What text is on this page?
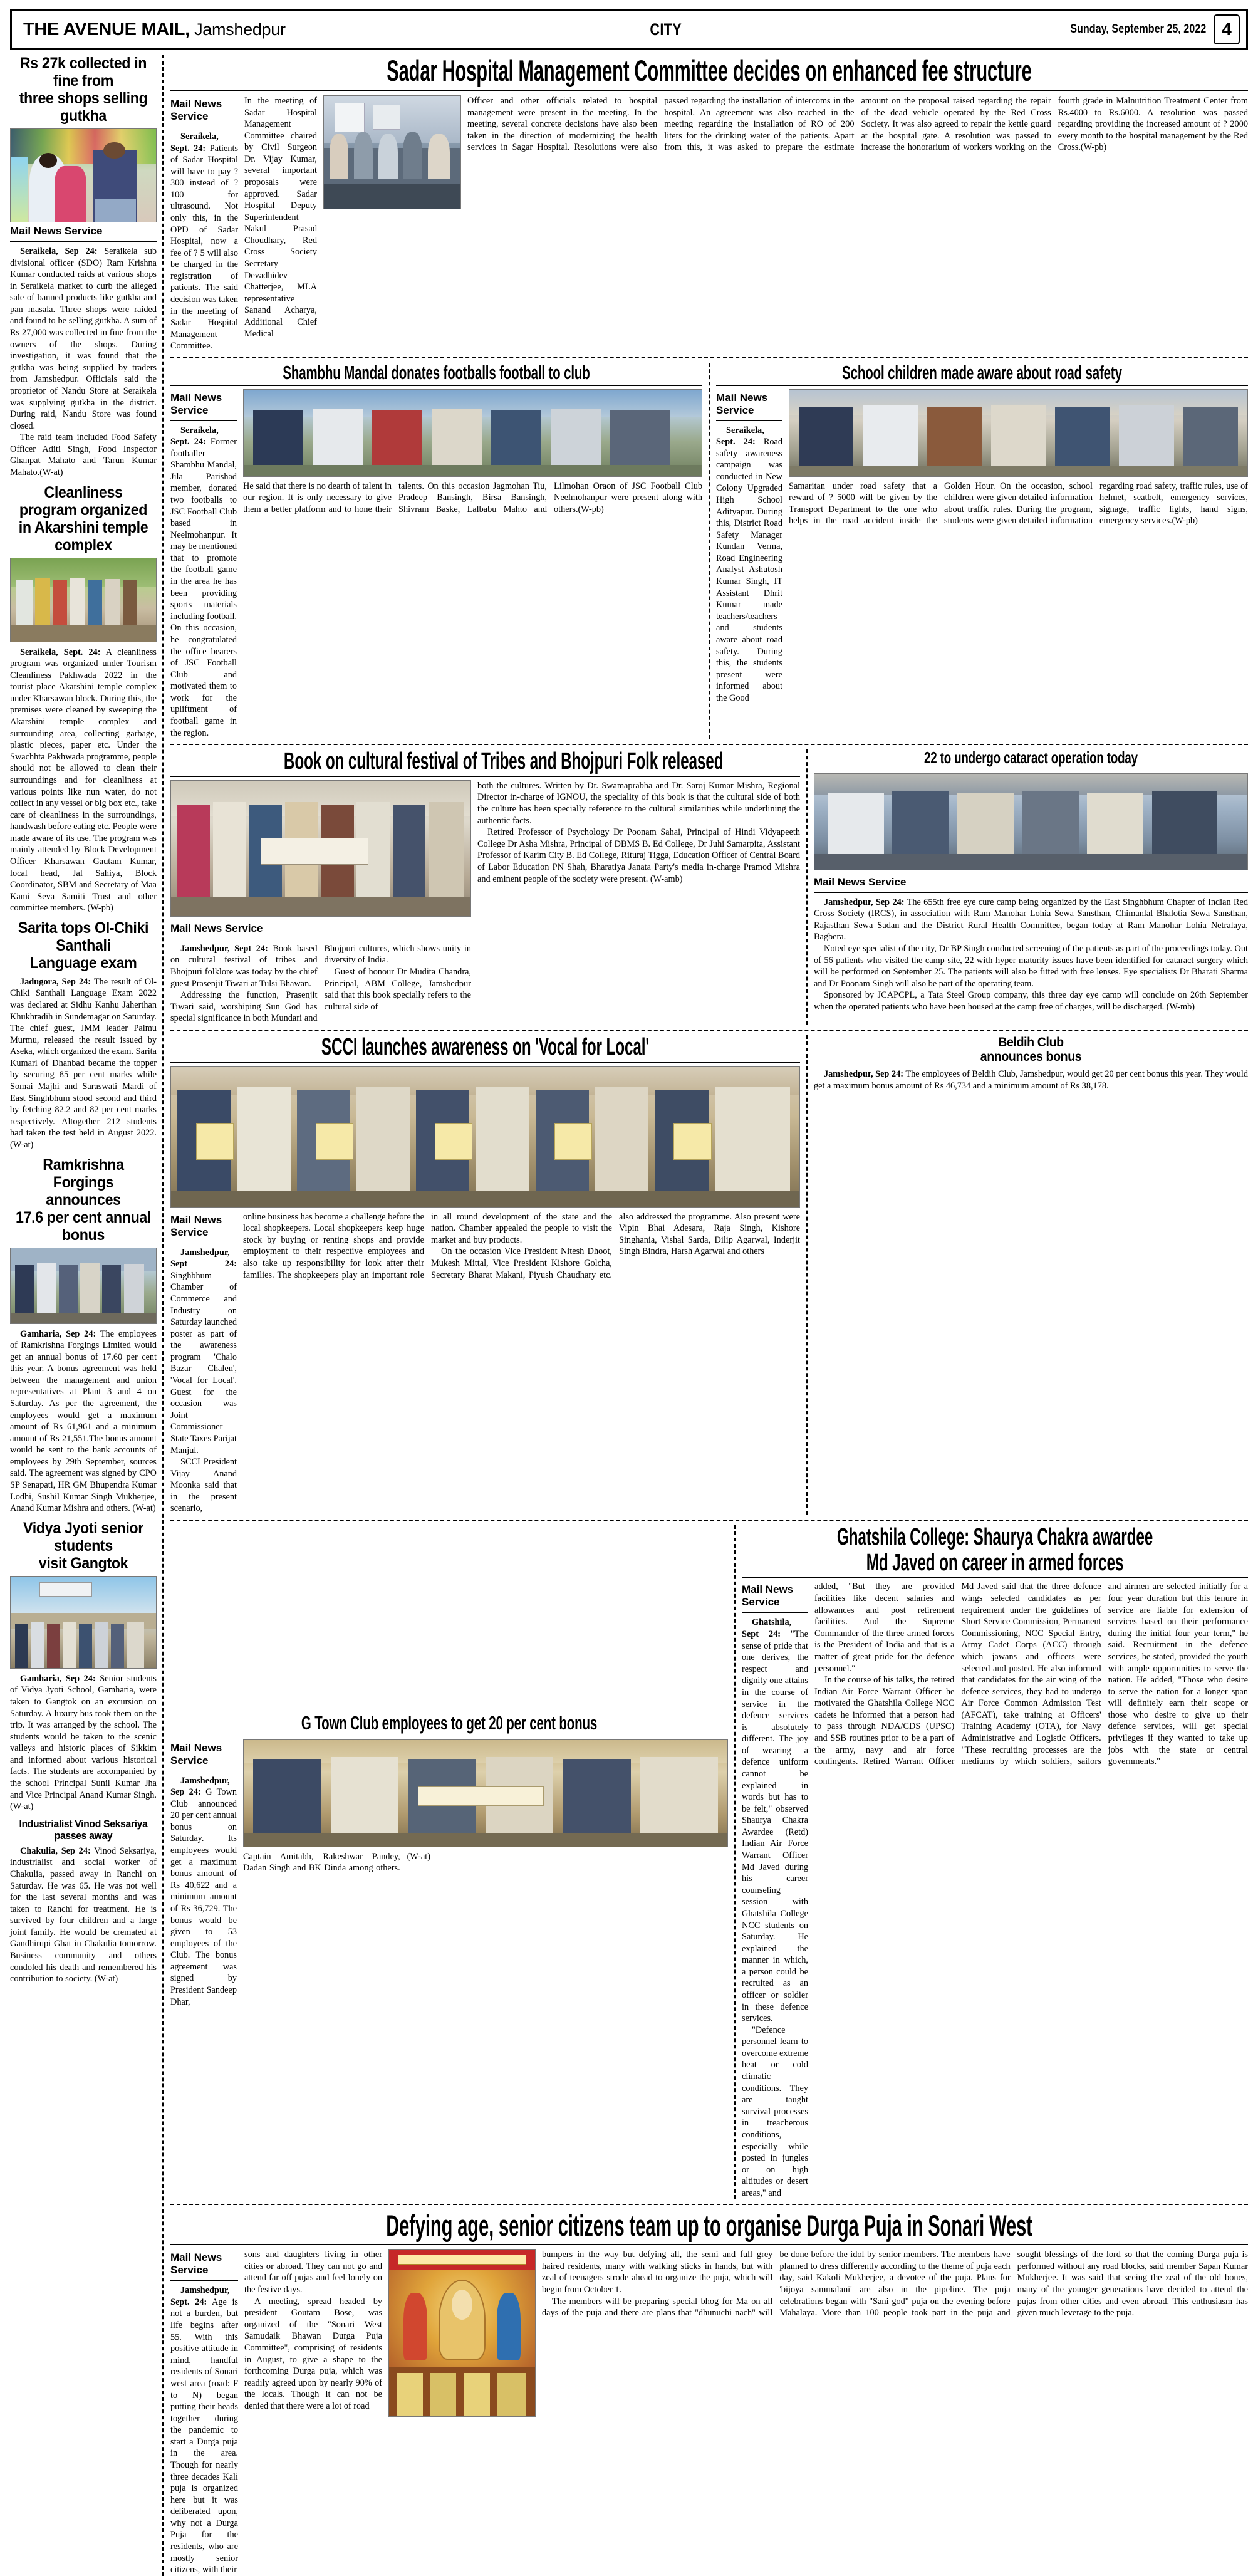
THE AVENUE MAIL, Jamshedpur	CITY	Sunday, September 25, 2022 4
Rs 27k collected in fine from
three shops selling gutkha
Mail News Service

Seraikela, Sep 24: Seraikela sub divisional officer (SDO) Ram Krishna Kumar conducted raids at various shops in Seraikela market to curb the alleged sale of banned products like gutkha and pan masala. Three shops were raided and found to be selling gutkha. A sum of Rs 27,000 was collected in fine from the owners of the shops. During investigation, it was found that the gutkha was being supplied by traders from Jamshedpur. Officials said the proprietor of Nandu Store at Seraikela was supplying gutkha in the district. During raid, Nandu Store was found closed.

The raid team included Food Safety Officer Aditi Singh, Food Inspector Ghanpat Mahato and Tarun Kumar Mahato.(W-at)

Cleanliness program organized
in Akarshini temple complex

Seraikela, Sept. 24: A cleanliness program was organized under Tourism Cleanliness Pakhwada 2022 in the tourist place Akarshini temple complex under Kharsawan block. During this, the premises were cleaned by sweeping the Akarshini temple complex and surrounding area, collecting garbage, plastic pieces, paper etc. Under the Swachhta Pakhwada programme, people should not be allowed to clean their surroundings and for cleanliness at various points like nun water, do not collect in any vessel or big box etc., take care of cleanliness in the surroundings, handwash before eating etc. People were made aware of its use. The program was mainly attended by Block Development Officer Kharsawan Gautam Kumar, local head, Jal Sahiya, Block Coordinator, SBM and Secretary of Maa Kami Seva Samiti Trust and other committee members. (W-pb)

Sarita tops Ol-Chiki Santhali
Language exam

Jadugora, Sep 24: The result of Ol-Chiki Santhali Language Exam 2022 was declared at Sidhu Kanhu Jaherthan Khukhradih in Sundemagar on Saturday. The chief guest, JMM leader Palmu Murmu, released the result issued by Aseka, which organized the exam. Sarita Kumari of Dhanbad became the topper by securing 85 per cent marks while Somai Majhi and Saraswati Mardi of East Singhbhum stood second and third by fetching 82.2 and 82 per cent marks respectively. Altogether 212 students had taken the test held in August 2022.(W-at)

Ramkrishna Forgings announces
17.6 per cent annual bonus

Gamharia, Sep 24: The employees of Ramkrishna Forgings Limited would get an annual bonus of 17.60 per cent this year. A bonus agreement was held between the management and union representatives at Plant 3 and 4 on Saturday. As per the agreement, the employees would get a maximum amount of Rs 61,961 and a minimum amount of Rs 21,551.The bonus amount would be sent to the bank accounts of employees by 29th September, sources said. The agreement was signed by CPO SP Senapati, HR GM Bhupendra Kumar Lodhi, Sushil Kumar Singh Mukherjee, Anand Kumar Mishra and others. (W-at)

Vidya Jyoti senior students
visit Gangtok

Gamharia, Sep 24: Senior students of Vidya Jyoti School, Gamharia, were taken to Gangtok on an excursion on Saturday. A luxury bus took them on the trip. It was arranged by the school. The students would be taken to the scenic valleys and historic places of Sikkim and informed about various historical facts. The students are accompanied by the school Principal Sunil Kumar Jha and Vice Principal Anand Kumar Singh.(W-at)

Industrialist Vinod Seksariya passes away

Chakulia, Sep 24: Vinod Seksariya, industrialist and social worker of Chakulia, passed away in Ranchi on Saturday. He was 65. He was not well for the last several months and was taken to Ranchi for treatment. He is survived by four children and a large joint family. He would be cremated at Gandhirupi Ghat in Chakulia tomorrow. Business community and others condoled his death and remembered his contribution to society. (W-at)

Sadar Hospital Management Committee decides on enhanced fee structure
Mail News Service

Seraikela, Sept. 24: Patients of Sadar Hospital will have to pay ?300 instead of ?100 for ultrasound. Not only this, in the OPD of Sadar Hospital, now a fee of ? 5 will also be charged in the registration of patients. The said decision was taken in the meeting of Sadar Hospital Management Committee.

In the meeting of Sadar Hospital Management Committee chaired by Civil Surgeon Dr. Vijay Kumar, several important proposals were approved. Sadar Hospital Deputy Superintendent Nakul Prasad Choudhary, Red Cross Society Secretary Devadhidev Chatterjee, MLA representative Sanand Acharya, Additional Chief Medical

Officer and other officials related to hospital management were present in the meeting. In the meeting, several concrete decisions have also been taken in the direction of modernizing the health services in Sagar Hospital. Resolutions were also passed regarding the installation of intercoms in the hospital. An agreement was also reached in the meeting regarding the installation of RO of 200 liters for the drinking water of the patients. Apart from this, it was asked to prepare the estimate amount on the proposal raised regarding the repair of the dead vehicle operated by the Red Cross Society. It was also agreed to repair the kettle guard at the hospital gate. A resolution was passed to increase the honorarium of workers working on the fourth grade in Malnutrition Treatment Center from Rs.4000 to Rs.6000. A resolution was passed regarding providing the increased amount of ? 2000 every month to the hospital management by the Red Cross.(W-pb)

Shambhu Mandal donates footballs football to club
Mail News Service

Seraikela, Sept. 24: Former footballer Shambhu Mandal, Jila Parishad member, donated two footballs to JSC Football Club based in Neelmohanpur. It may be mentioned that to promote the football game in the area he has been providing sports materials including football. On this occasion, he congratulated the office bearers of JSC Football Club and motivated them to work for the upliftment of football game in the region.

He said that there is no dearth of talent in our region. It is only necessary to give them a better platform and to hone their talents. On this occasion Jagmohan Tiu, Pradeep Bansingh, Birsa Bansingh, Shivram Baske, Lalbabu Mahto and Lilmohan Oraon of JSC Football Club Neelmohanpur were present along with others.(W-pb)

School children made aware about road safety
Mail News Service

Seraikela, Sept. 24: Road safety awareness campaign was conducted in New Colony Upgraded High School Adityapur. During this, District Road Safety Manager Kundan Verma, Road Engineering Analyst Ashutosh Kumar Singh, IT Assistant Dhrit Kumar made teachers/teachers and students aware about road safety. During this, the students present were informed about the Good

Samaritan under road safety that a reward of ? 5000 will be given by the Transport Department to the one who helps in the road accident inside the Golden Hour. On the occasion, school children were given detailed information about traffic rules. During the program, students were given detailed information regarding road safety, traffic rules, use of helmet, seatbelt, emergency services, signage, traffic lights, hand signs, emergency services.(W-pb)

Book on cultural festival of Tribes and Bhojpuri Folk released
Mail News Service

Jamshedpur, Sept 24: Book based on cultural festival of tribes and Bhojpuri folklore was today by the chief guest Prasenjit Tiwari at Tulsi Bhawan.

Addressing the function, Prasenjit Tiwari said, worshiping Sun God has special significance in both Mundari and Bhojpuri cultures, which shows unity in diversity of India.

Guest of honour Dr Mudita Chandra, Principal, ABM College, Jamshedpur said that this book specially refers to the cultural side of

both the cultures. Written by Dr. Swamaprabha and Dr. Saroj Kumar Mishra, Regional Director in-charge of IGNOU, the speciality of this book is that the cultural side of both the culture has been specially reference to the cultural similarities while underlining the authentic facts.

Retired Professor of Psychology Dr Poonam Sahai, Principal of Hindi Vidyapeeth College Dr Asha Mishra, Principal of DBMS B. Ed College, Dr Juhi Samarpita, Assistant Professor of Karim City B. Ed College, Rituraj Tigga, Education Officer of Central Board of Labor Education PN Shah, Bharatiya Janata Party's media in-charge Pramod Mishra and eminent people of the society were present. (W-amb)

22 to undergo cataract operation today
Mail News Service

Jamshedpur, Sep 24: The 655th free eye cure camp being organized by the East Singhbhum Chapter of Indian Red Cross Society (IRCS), in association with Ram Manohar Lohia Sewa Sansthan, Chimanlal Bhalotia Sewa Sansthan, Rajasthan Sewa Sadan and the District Rural Health Committee, began today at Ram Manohar Lohia Netralaya, Bagbera.

Noted eye specialist of the city, Dr BP Singh conducted screening of the patients as part of the proceedings today. Out of 56 patients who visited the camp site, 22 with hyper maturity issues have been identified for cataract surgery which will be performed on September 25. The patients will also be fitted with free lenses. Eye specialists Dr Bharati Sharma and Dr Poonam Singh will also be part of the operating team.

Sponsored by JCAPCPL, a Tata Steel Group company, this three day eye camp will conclude on 26th September when the operated patients who have been housed at the camp free of charges, will be discharged. (W-mb)

SCCI launches awareness on 'Vocal for Local'
Mail News Service

Jamshedpur, Sept 24: Singhbhum Chamber of Commerce and Industry on Saturday launched poster as part of the awareness program 'Chalo Bazar Chalen', 'Vocal for Local'. Guest for the occasion was Joint Commissioner State Taxes Parijat Manjul.

SCCI President Vijay Anand Moonka said that in the present scenario,

online business has become a challenge before the local shopkeepers. Local shopkeepers keep huge stock by buying or renting shops and provide employment to their respective employees and also take up responsibility for look after their families. The shopkeepers play an important role in all round development of the state and the nation. Chamber appealed the people to visit the market and buy products.

On the occasion Vice President Nitesh Dhoot, Mukesh Mittal, Vice President Kishore Golcha, Secretary Bharat Makani, Piyush Chaudhary etc. also addressed the programme. Also present were Vipin Bhai Adesara, Raja Singh, Kishore Singhania, Vishal Sarda, Dilip Agarwal, Inderjit Singh Bindra, Harsh Agarwal and others

Beldih Club
announces bonus

Jamshedpur, Sep 24: The employees of Beldih Club, Jamshedpur, would get 20 per cent bonus this year. They would get a maximum bonus amount of Rs 46,734 and a minimum amount of Rs 38,178.

G Town Club employees to get 20 per cent bonus
Mail News Service

Jamshedpur, Sep 24: G Town Club announced 20 per cent annual bonus on Saturday. Its employees would get a maximum bonus amount of Rs 40,622 and a minimum amount of Rs 36,729. The bonus would be given to 53 employees of the Club. The bonus agreement was signed by President Sandeep Dhar,

Captain Amitabh, Rakeshwar Pandey, Dadan Singh and BK Dinda among others.(W-at)

Ghatshila College: Shaurya Chakra awardee
Md Javed on career in armed forces
Mail News Service

Ghatshila, Sept 24: "The sense of pride that one derives, the respect and dignity one attains in the course of service in the defence services is absolutely different. The joy of wearing a defence uniform cannot be explained in words but has to be felt," observed Shaurya Chakra Awardee (Retd) Indian Air Force Warrant Officer Md Javed during his career counseling session with Ghatshila College NCC students on Saturday. He explained the manner in which, a person could be recruited as an officer or soldier in these defence services.

"Defence personnel learn to overcome extreme heat or cold climatic conditions. They are taught survival processes in treacherous conditions, especially while posted in jungles or on high altitudes or desert areas," and

added, "But they are provided facilities like decent salaries and allowances and post retirement facilities. And the Supreme Commander of the three armed forces is the President of India and that is a matter of great pride for the defence personnel."

In the course of his talks, the retired Indian Air Force Warrant Officer he motivated the Ghatshila College NCC cadets he informed that a person had to pass through NDA/CDS (UPSC) and SSB routines prior to be a part of the army, navy and air force contingents. Retired Warrant Officer Md Javed said that the three defence wings selected candidates as per requirement under the guidelines of Short Service Commission, Permanent Commissioning, NCC Special Entry, Army Cadet Corps (ACC) through which jawans and officers were selected and posted. He also informed that candidates for the air wing of the defence services, they had to undergo Air Force Common Admission Test (AFCAT), take training at Officers' Training Academy (OTA), for Navy Administrative and Logistic Officers. "These recruiting processes are the mediums by which soldiers, sailors and airmen are selected initially for a four year duration but this tenure in service are liable for extension of services based on their performance during the initial four year term," he said. Recruitment in the defence services, he stated, provided the youth with ample opportunities to serve the nation. He added, "Those who desire to serve the nation for a longer span will definitely earn their scope or those who desire to give up their defence services, will get special privileges if they wanted to take up jobs with the state or central governments."

Defying age, senior citizens team up to organise Durga Puja in Sonari West
Mail News Service

Jamshedpur, Sept. 24: Age is not a burden, but life begins after 55. With this positive attitude in mind, handful residents of Sonari west area (road: F to N) began putting their heads together during the pandemic to start a Durga puja in the area. Though for nearly three decades Kali puja is organized here but it was deliberated upon, why not a Durga Puja for the residents, who are mostly senior citizens, with their

sons and daughters living in other cities or abroad. They can not go and attend far off pujas and feel lonely on the festive days.

A meeting, spread headed by president Goutam Bose, was organized of the "Sonari West Samudaik Bhawan Durga Puja Committee", comprising of residents in August, to give a shape to the forthcoming Durga puja, which was readily agreed upon by nearly 90% of the locals. Though it can not be denied that there were a lot of road

bumpers in the way but defying all, the semi and full grey haired residents, many with walking sticks in hands, but with zeal of teenagers strode ahead to organize the puja, which will begin from October 1.

The members will be preparing special bhog for Ma on all days of the puja and there are plans that "dhunuchi nach" will be done before the idol by senior members. The members have planned to dress differently according to the theme of puja each day, said Kakoli Mukherjee, a devotee of the puja. Plans for 'bijoya sammalani' are also in the pipeline. The puja celebrations began with "Sani god" puja on the evening before Mahalaya. More than 100 people took part in the puja and sought blessings of the lord so that the coming Durga puja is performed without any road blocks, said member Sapan Kumar Mukherjee. It was said that seeing the zeal of the old bones, many of the younger generations have decided to attend the pujas from other cities and even abroad. This enthusiasm has given much leverage to the puja.
